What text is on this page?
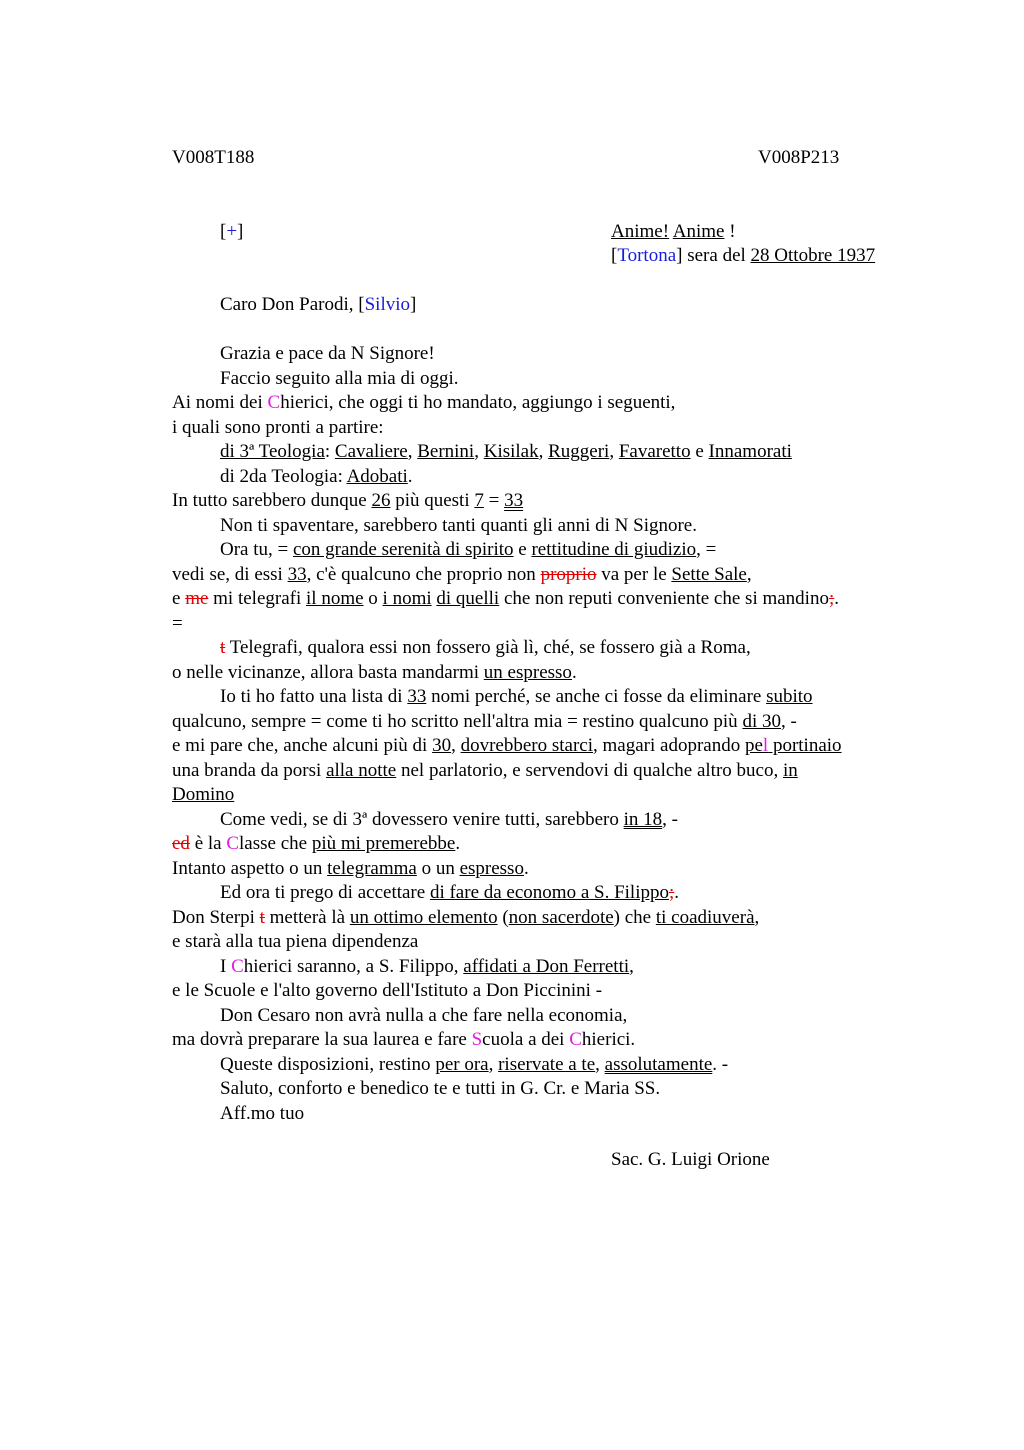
V008T188	V008P213
[+]	Anime! Anime !
[Tortona] sera del 28 Ottobre 1937
Caro Don Parodi, [Silvio]
Grazia e pace da N Signore!
Faccio seguito alla mia di oggi.
Ai nomi dei Chierici, che oggi ti ho mandato, aggiungo i seguenti,
i quali sono pronti a partire:
di 3ª Teologia: Cavaliere, Bernini, Kisilak, Ruggeri, Favaretto e Innamorati
di 2da Teologia: Adobati.
In tutto sarebbero dunque 26 più questi 7 = 33
Non ti spaventare, sarebbero tanti quanti gli anni di N Signore.
Ora tu, = con grande serenità di spirito e rettitudine di giudizio, =
vedi se, di essi 33, c'è qualcuno che proprio non proprio va per le Sette Sale,
e me mi telegrafi il nome o i nomi di quelli che non reputi conveniente che si mandino;.
=
t Telegrafi, qualora essi non fossero già lì, ché, se fossero già a Roma,
o nelle vicinanze, allora basta mandarmi un espresso.
Io ti ho fatto una lista di 33 nomi perché, se anche ci fosse da eliminare subito
qualcuno, sempre = come ti ho scritto nell'altra mia = restino qualcuno più di 30, -
e mi pare che, anche alcuni più di 30, dovrebbero starci, magari adoprando pel portinaio
una branda da porsi alla notte nel parlatorio, e servendovi di qualche altro buco, in
Domino
Come vedi, se di 3ª dovessero venire tutti, sarebbero in 18, -
ed è la Classe che più mi premerebbe.
Intanto aspetto o un telegramma o un espresso.
Ed ora ti prego di accettare di fare da economo a S. Filippo;.
Don Sterpi t metterà là un ottimo elemento (non sacerdote) che ti coadiuverà,
e starà alla tua piena dipendenza
I Chierici saranno, a S. Filippo, affidati a Don Ferretti,
e le Scuole e l'alto governo dell'Istituto a Don Piccinini -
Don Cesaro non avrà nulla a che fare nella economia,
ma dovrà preparare la sua laurea e fare Scuola a dei Chierici.
Queste disposizioni, restino per ora, riservate a te, assolutamente. -
Saluto, conforto e benedico te e tutti in G. Cr. e Maria SS.
Aff.mo tuo
Sac. G. Luigi Orione
